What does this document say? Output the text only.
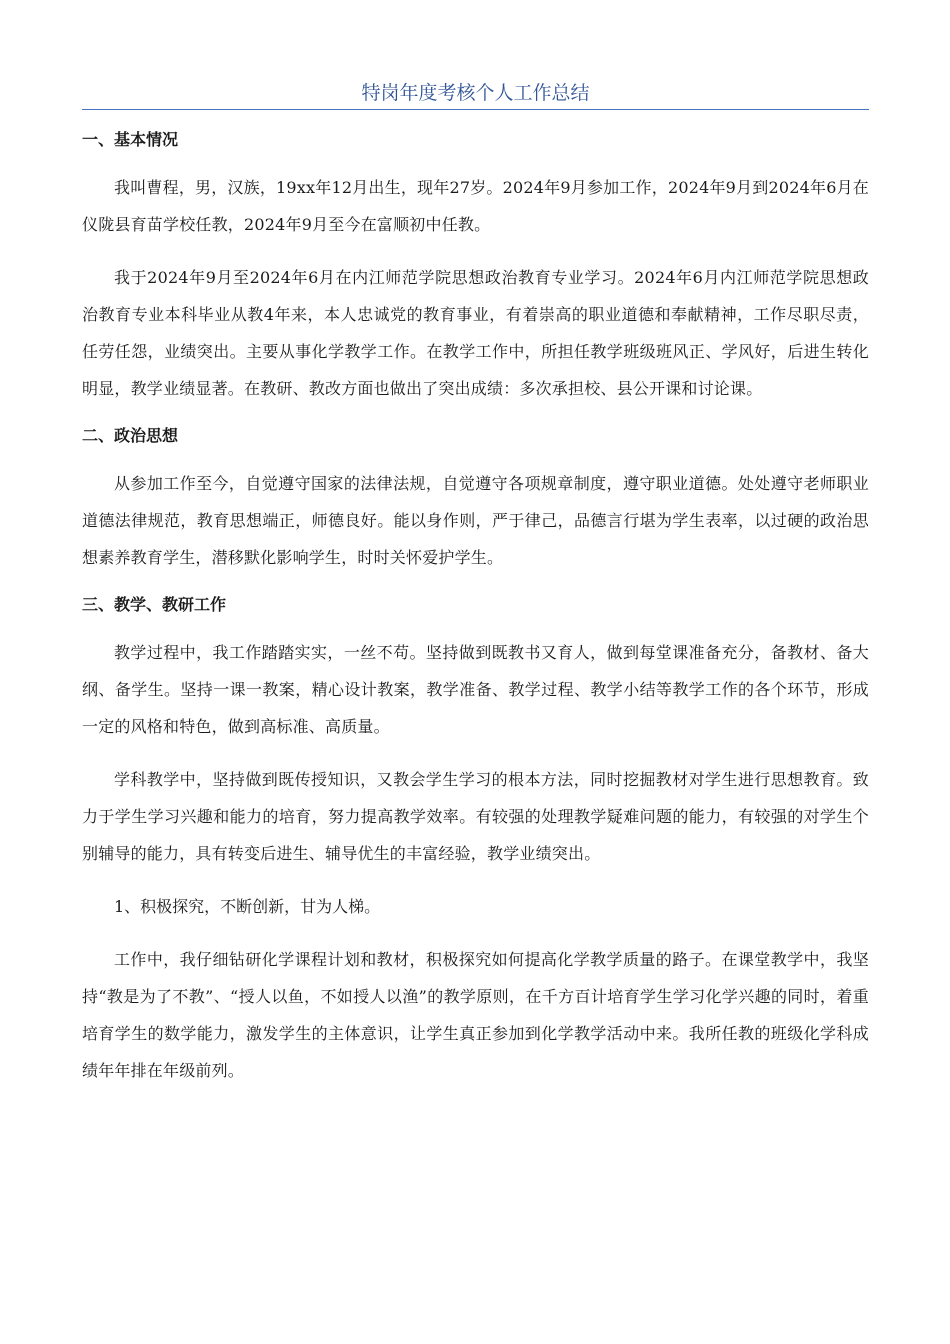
特岗年度考核个人工作总结
一、基本情况

我叫曹程，男，汉族，19xx年12月出生，现年27岁。2024年9月参加工作，2024年9月到2024年6月在仪陇县育苗学校任教，2024年9月至今在富顺初中任教。

我于2024年9月至2024年6月在内江师范学院思想政治教育专业学习。2024年6月内江师范学院思想政治教育专业本科毕业从教4年来，本人忠诚党的教育事业，有着崇高的职业道德和奉献精神，工作尽职尽责，任劳任怨，业绩突出。主要从事化学教学工作。在教学工作中，所担任教学班级班风正、学风好，后进生转化明显，教学业绩显著。在教研、教改方面也做出了突出成绩：多次承担校、县公开课和讨论课。

二、政治思想

从参加工作至今，自觉遵守国家的法律法规，自觉遵守各项规章制度，遵守职业道德。处处遵守老师职业道德法律规范，教育思想端正，师德良好。能以身作则，严于律己，品德言行堪为学生表率，以过硬的政治思想素养教育学生，潜移默化影响学生，时时关怀爱护学生。

三、教学、教研工作

教学过程中，我工作踏踏实实，一丝不苟。坚持做到既教书又育人，做到每堂课准备充分，备教材、备大纲、备学生。坚持一课一教案，精心设计教案，教学准备、教学过程、教学小结等教学工作的各个环节，形成一定的风格和特色，做到高标准、高质量。

学科教学中，坚持做到既传授知识，又教会学生学习的根本方法，同时挖掘教材对学生进行思想教育。致力于学生学习兴趣和能力的培育，努力提高教学效率。有较强的处理教学疑难问题的能力，有较强的对学生个别辅导的能力，具有转变后进生、辅导优生的丰富经验，教学业绩突出。

1、积极探究，不断创新，甘为人梯。

工作中，我仔细钻研化学课程计划和教材，积极探究如何提高化学教学质量的路子。在课堂教学中，我坚持“教是为了不教”、“授人以鱼，不如授人以渔”的教学原则，在千方百计培育学生学习化学兴趣的同时，着重培育学生的数学能力，激发学生的主体意识，让学生真正参加到化学教学活动中来。我所任教的班级化学科成绩年年排在年级前列。
